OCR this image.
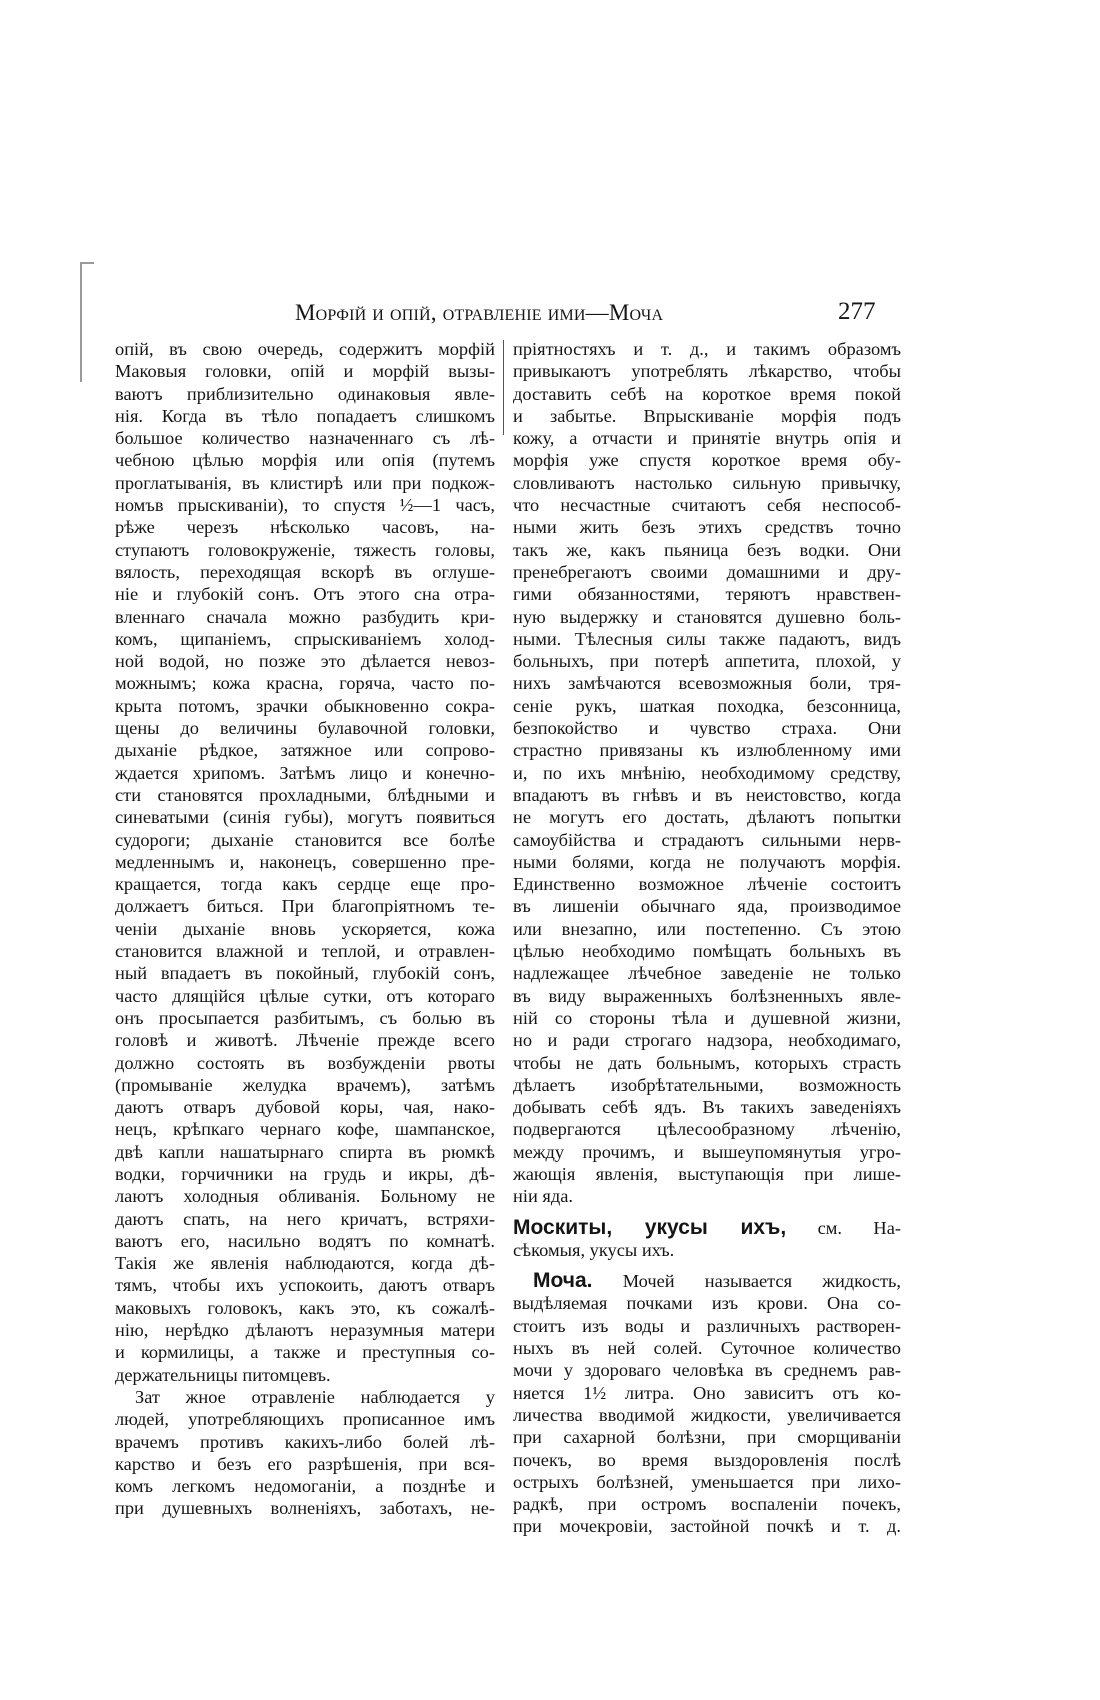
Морфій и опій, отравленіе ими—Моча	277
опій, въ свою очередь, содержитъ морфій
Маковыя головки, опій и морфій вызы-
ваютъ приблизительно одинаковыя явле-
нія. Когда въ тѣло попадаетъ слишкомъ
большое количество назначеннаго съ лѣ-
чебною цѣлью морфія или опія (путемъ
проглатыванія, въ клистирѣ или при подкож-
номъв прыскиваніи), то спустя ½—1 часъ,
рѣже черезъ нѣсколько часовъ, на-
ступаютъ головокруженіе, тяжесть головы,
вялость, переходящая вскорѣ въ оглуше-
ніе и глубокій сонъ. Отъ этого сна отра-
вленнаго сначала можно разбудить кри-
комъ, щипаніемъ, спрыскиваніемъ холод-
ной водой, но позже это дѣлается невоз-
можнымъ; кожа красна, горяча, часто по-
крыта потомъ, зрачки обыкновенно сокра-
щены до величины булавочной головки,
дыханіе рѣдкое, затяжное или сопрово-
ждается хрипомъ. Затѣмъ лицо и конечно-
сти становятся прохладными, блѣдными и
синеватыми (синія губы), могутъ появиться
судороги; дыханіе становится все болѣе
медленнымъ и, наконецъ, совершенно пре-
кращается, тогда какъ сердце еще про-
должаетъ биться. При благопріятномъ те-
ченіи дыханіе вновь ускоряется, кожа
становится влажной и теплой, и отравлен-
ный впадаетъ въ покойный, глубокій сонъ,
часто длящійся цѣлые сутки, отъ котораго
онъ просыпается разбитымъ, съ болью въ
головѣ и животѣ. Лѣченіе прежде всего
должно состоять въ возбужденіи рвоты
(промываніе желудка врачемъ), затѣмъ
даютъ отваръ дубовой коры, чая, нако-
нецъ, крѣпкаго чернаго кофе, шампанское,
двѣ капли нашатырнаго спирта въ рюмкѣ
водки, горчичники на грудь и икры, дѣ-
лаютъ холодныя обливанія. Больному не
даютъ спать, на него кричатъ, встряхи-
ваютъ его, насильно водятъ по комнатѣ.
Такія же явленія наблюдаются, когда дѣ-
тямъ, чтобы ихъ успокоить, даютъ отваръ
маковыхъ головокъ, какъ это, къ сожалѣ-
нію, нерѣдко дѣлаютъ неразумныя матери
и кормилицы, а также и преступныя со-
держательницы питомцевъ.
Зат жное отравленіе наблюдается у
людей, употребляющихъ прописанное имъ
врачемъ противъ какихъ-либо болей лѣ-
карство и безъ его разрѣшенія, при вся-
комъ легкомъ недомоганіи, а позднѣе и
при душевныхъ волненіяхъ, заботахъ, не-
пріятностяхъ и т. д., и такимъ образомъ
привыкаютъ употреблять лѣкарство, чтобы
доставить себѣ на короткое время покой
и забытье. Впрыскиваніе морфія подъ
кожу, а отчасти и принятіе внутрь опія и
морфія уже спустя короткое время обу-
словливаютъ настолько сильную привычку,
что несчастные считаютъ себя неспособ-
ными жить безъ этихъ средствъ точно
такъ же, какъ пьяница безъ водки. Они
пренебрегаютъ своими домашними и дру-
гими обязанностями, теряютъ нравствен-
ную выдержку и становятся душевно боль-
ными. Тѣлесныя силы также падаютъ, видъ
больныхъ, при потерѣ аппетита, плохой, у
нихъ замѣчаются всевозможныя боли, тря-
сеніе рукъ, шаткая походка, безсонница,
безпокойство и чувство страха. Они
страстно привязаны къ излюбленному ими
и, по ихъ мнѣнію, необходимому средству,
впадаютъ въ гнѣвъ и въ неистовство, когда
не могутъ его достать, дѣлаютъ попытки
самоубійства и страдаютъ сильными нерв-
ными болями, когда не получаютъ морфія.
Единственно возможное лѣченіе состоитъ
въ лишеніи обычнаго яда, производимое
или внезапно, или постепенно. Съ этою
цѣлью необходимо помѣщать больныхъ въ
надлежащее лѣчебное заведеніе не только
въ виду выраженныхъ болѣзненныхъ явле-
ній со стороны тѣла и душевной жизни,
но и ради строгаго надзора, необходимаго,
чтобы не дать больнымъ, которыхъ страсть
дѣлаетъ изобрѣтательными, возможность
добывать себѣ ядъ. Въ такихъ заведеніяхъ
подвергаются цѣлесообразному лѣченію,
между прочимъ, и вышеупомянутыя угро-
жающія явленія, выступающія при лише-
ніи яда.
Москиты, укусы ихъ, см. На-
сѣкомыя, укусы ихъ.
Моча. Мочей называется жидкость,
выдѣляемая почками изъ крови. Она со-
стоитъ изъ воды и различныхъ растворен-
ныхъ въ ней солей. Суточное количество
мочи у здороваго человѣка въ среднемъ рав-
няется 1½ литра. Оно зависитъ отъ ко-
личества вводимой жидкости, увеличивается
при сахарной болѣзни, при сморщиваніи
почекъ, во время выздоровленія послѣ
острыхъ болѣзней, уменьшается при лихо-
радкѣ, при остромъ воспаленіи почекъ,
при мочекровіи, застойной почкѣ и т. д.
